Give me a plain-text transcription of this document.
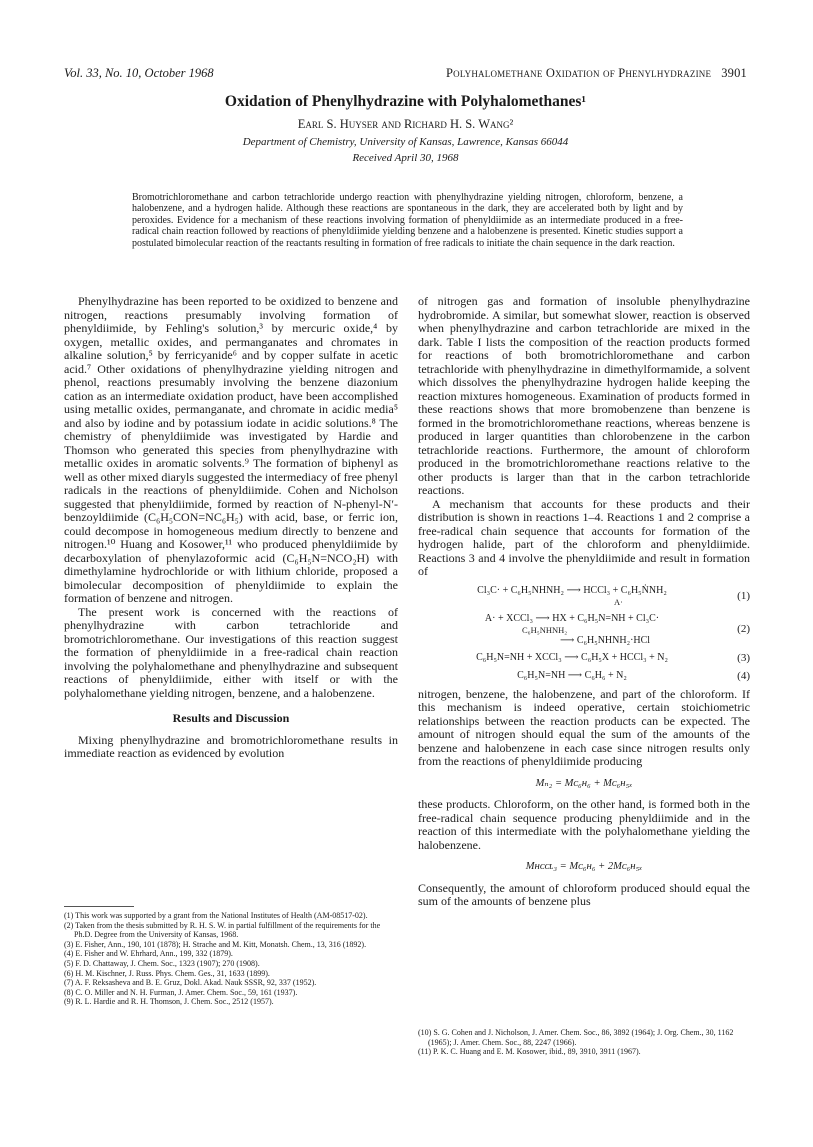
Vol. 33, No. 10, October 1968	Polyhalomethane Oxidation of Phenylhydrazine 3901
Oxidation of Phenylhydrazine with Polyhalomethanes¹
Earl S. Huyser and Richard H. S. Wang²
Department of Chemistry, University of Kansas, Lawrence, Kansas 66044
Received April 30, 1968
Bromotrichloromethane and carbon tetrachloride undergo reaction with phenylhydrazine yielding nitrogen, chloroform, benzene, a halobenzene, and a hydrogen halide. Although these reactions are spontaneous in the dark, they are accelerated both by light and by peroxides. Evidence for a mechanism of these reactions involving formation of phenyldiimide as an intermediate produced in a free-radical chain reaction followed by reactions of phenyldiimide yielding benzene and a halobenzene is presented. Kinetic studies support a postulated bimolecular reaction of the reactants resulting in formation of free radicals to initiate the chain sequence in the dark reaction.

Phenylhydrazine has been reported to be oxidized to benzene and nitrogen, reactions presumably involving formation of phenyldiimide, by Fehling's solution,³ by mercuric oxide,⁴ by oxygen, metallic oxides, and permanganates and chromates in alkaline solution,⁵ by ferricyanide⁶ and by copper sulfate in acetic acid.⁷ Other oxidations of phenylhydrazine yielding nitrogen and phenol, reactions presumably involving the benzene diazonium cation as an intermediate oxidation product, have been accomplished using metallic oxides, permanganate, and chromate in acidic media⁵ and also by iodine and by potassium iodate in acidic solutions.⁸ The chemistry of phenyldiimide was investigated by Hardie and Thomson who generated this species from phenylhydrazine with metallic oxides in aromatic solvents.⁹ The formation of biphenyl as well as other mixed diaryls suggested the intermediacy of free phenyl radicals in the reactions of phenyldiimide. Cohen and Nicholson suggested that phenyldiimide, formed by reaction of N-phenyl-N′-benzoyldiimide (C₆H₅CON=NC₆H₅) with acid, base, or ferric ion, could decompose in homogeneous medium directly to benzene and nitrogen.¹⁰ Huang and Kosower,¹¹ who produced phenyldiimide by decarboxylation of phenylazoformic acid (C₆H₅N=NCO₂H) with dimethylamine hydrochloride or with lithium chloride, proposed a bimolecular decomposition of phenyldiimide to explain the formation of benzene and nitrogen.

The present work is concerned with the reactions of phenylhydrazine with carbon tetrachloride and bromotrichloromethane. Our investigations of this reaction suggest the formation of phenyldiimide in a free-radical chain reaction involving the polyhalomethane and phenylhydrazine and subsequent reactions of phenyldiimide, either with itself or with the polyhalomethane yielding nitrogen, benzene, and a halobenzene.

Results and Discussion

Mixing phenylhydrazine and bromotrichloromethane results in immediate reaction as evidenced by evolution

of nitrogen gas and formation of insoluble phenylhydrazine hydrobromide. A similar, but somewhat slower, reaction is observed when phenylhydrazine and carbon tetrachloride are mixed in the dark. Table I lists the composition of the reaction products formed for reactions of both bromotrichloromethane and carbon tetrachloride with phenylhydrazine in dimethylformamide, a solvent which dissolves the phenylhydrazine hydrogen halide keeping the reaction mixtures homogeneous. Examination of products formed in these reactions shows that more bromobenzene than benzene is formed in the bromotrichloromethane reactions, whereas benzene is produced in larger quantities than chlorobenzene in the carbon tetrachloride reactions. Furthermore, the amount of chloroform produced in the bromotrichloromethane reactions relative to the other products is larger than that in the carbon tetrachloride reactions.

A mechanism that accounts for these products and their distribution is shown in reactions 1–4. Reactions 1 and 2 comprise a free-radical chain sequence that accounts for formation of the hydrogen halide, part of the chloroform and phenyldiimide. Reactions 3 and 4 involve the phenyldiimide and result in formation of

Cl₃C· + C₆H₅NHNH₂ ⟶ HCCl₃ + C₆H₅ṄNH₂
A·	(1)
A· + XCCl₃ ⟶ HX + C₆H₅N=NH + Cl₃C·
C₆H₅NHNH₂
⟶ C₆H₅NHNH₂·HCl
(2)
C₆H₅N=NH + XCCl₃ ⟶ C₆H₅X + HCCl₃ + N₂	(3)
C₆H₅N=NH ⟶ C₆H₆ + N₂	(4)

nitrogen, benzene, the halobenzene, and part of the chloroform. If this mechanism is indeed operative, certain stoichiometric relationships between the reaction products can be expected. The amount of nitrogen should equal the sum of the amounts of the benzene and halobenzene in each case since nitrogen results only from the reactions of phenyldiimide producing

Mₙ₂ = Mᴄ₆ʜ₆ + Mᴄ₆ʜ₅ₓ

these products. Chloroform, on the other hand, is formed both in the free-radical chain sequence producing phenyldiimide and in the reaction of this intermediate with the polyhalomethane yielding the halobenzene.

Mʜᴄᴄʟ₃ = Mᴄ₆ʜ₆ + 2Mᴄ₆ʜ₅ₓ

Consequently, the amount of chloroform produced should equal the sum of the amounts of benzene plus

(1) This work was supported by a grant from the National Institutes of Health (AM-08517-02).

(2) Taken from the thesis submitted by R. H. S. W. in partial fulfillment of the requirements for the Ph.D. Degree from the University of Kansas, 1968.

(3) E. Fisher, Ann., 190, 101 (1878); H. Strache and M. Kitt, Monatsh. Chem., 13, 316 (1892).

(4) E. Fisher and W. Ehrhard, Ann., 199, 332 (1879).

(5) F. D. Chattaway, J. Chem. Soc., 1323 (1907); 270 (1908).

(6) H. M. Kischner, J. Russ. Phys. Chem. Ges., 31, 1633 (1899).

(7) A. F. Reksasheva and B. E. Gruz, Dokl. Akad. Nauk SSSR, 92, 337 (1952).

(8) C. O. Miller and N. H. Furman, J. Amer. Chem. Soc., 59, 161 (1937).

(9) R. L. Hardie and R. H. Thomson, J. Chem. Soc., 2512 (1957).

(10) S. G. Cohen and J. Nicholson, J. Amer. Chem. Soc., 86, 3892 (1964); J. Org. Chem., 30, 1162 (1965); J. Amer. Chem. Soc., 88, 2247 (1966).

(11) P. K. C. Huang and E. M. Kosower, ibid., 89, 3910, 3911 (1967).
